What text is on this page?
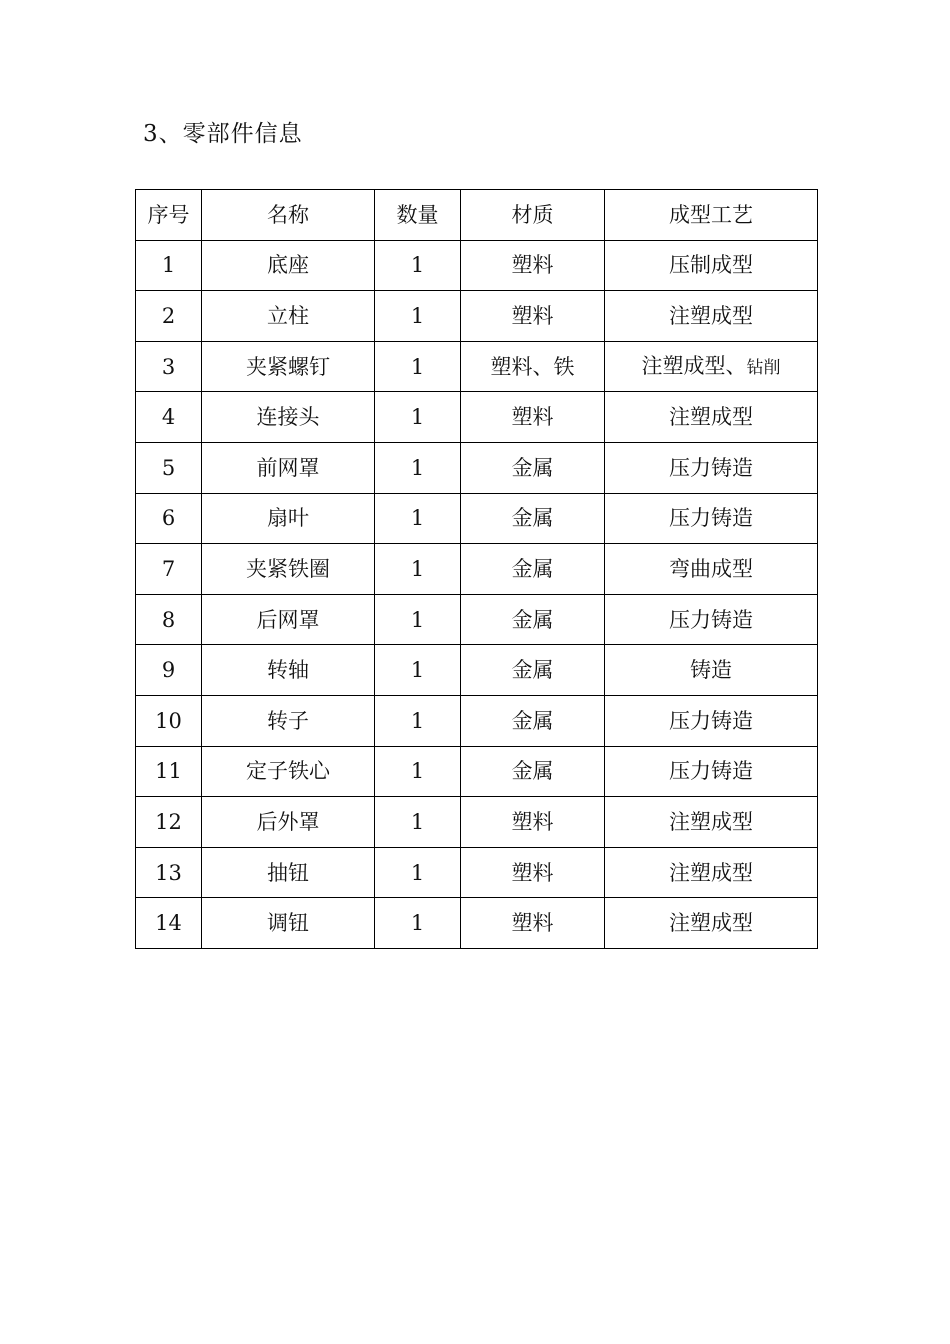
3、零部件信息
序号	名称	数量	材质	成型工艺
1	底座	1	塑料	压制成型
2	立柱	1	塑料	注塑成型
3	夹紧螺钉	1	塑料、铁	注塑成型、钻削
4	连接头	1	塑料	注塑成型
5	前网罩	1	金属	压力铸造
6	扇叶	1	金属	压力铸造
7	夹紧铁圈	1	金属	弯曲成型
8	后网罩	1	金属	压力铸造
9	转轴	1	金属	铸造
10	转子	1	金属	压力铸造
11	定子铁心	1	金属	压力铸造
12	后外罩	1	塑料	注塑成型
13	抽钮	1	塑料	注塑成型
14	调钮	1	塑料	注塑成型
